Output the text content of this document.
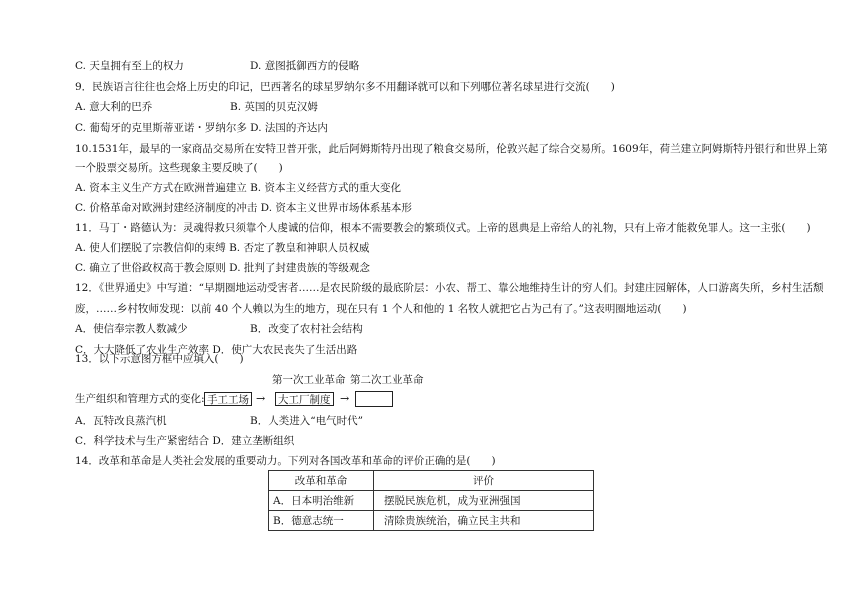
C. 天皇拥有至上的权力	D. 意图抵御西方的侵略
9．民族语言往往也会烙上历史的印记，巴西著名的球星罗纳尔多不用翻译就可以和下列哪位著名球星进行交流(　　)
A. 意大利的巴乔	B. 英国的贝克汉姆
C. 葡萄牙的克里斯蒂亚诺・罗纳尔多 D. 法国的齐达内
10.1531年，最早的一家商品交易所在安特卫普开张，此后阿姆斯特丹出现了粮食交易所，伦敦兴起了综合交易所。1609年，荷兰建立阿姆斯特丹银行和世界上第
一个股票交易所。这些现象主要反映了(　　)
A. 资本主义生产方式在欧洲普遍建立 B. 资本主义经营方式的重大变化
C. 价格革命对欧洲封建经济制度的冲击 D. 资本主义世界市场体系基本形
11．马丁・路德认为：灵魂得救只须靠个人虔诚的信仰，根本不需要教会的繁琐仪式。上帝的恩典是上帝给人的礼物，只有上帝才能救免罪人。这一主张(　　)
A. 使人们摆脱了宗教信仰的束缚 B. 否定了教皇和神职人员权威
C. 确立了世俗政权高于教会原则 D. 批判了封建贵族的等级观念
12．《世界通史》中写道：“早期圈地运动受害者……是农民阶级的最底阶层：小农、帮工、靠公地维持生计的穷人们。封建庄园解体，人口游离失所，乡村生活颓
废，……乡村牧师发现：以前 40 个人赖以为生的地方，现在只有 1 个人和他的 1 名牧人就把它占为己有了。”这表明圈地运动(　　)
A．使信奉宗教人数减少	B．改变了农村社会结构
C．大大降低了农业生产效率 D．使广大农民丧失了生活出路
13．以下示意图方框中应填入(　　)
第一次工业革命 第二次工业革命
生产组织和管理方式的变化: 手工工场 → 大工厂制度 →
A．瓦特改良蒸汽机	B．人类进入“电气时代”
C．科学技术与生产紧密结合 D．建立垄断组织
14．改革和革命是人类社会发展的重要动力。下列对各国改革和革命的评价正确的是(　　)
改革和革命	评价
A．日本明治维新	摆脱民族危机，成为亚洲强国
B．德意志统一	清除贵族统治，确立民主共和
